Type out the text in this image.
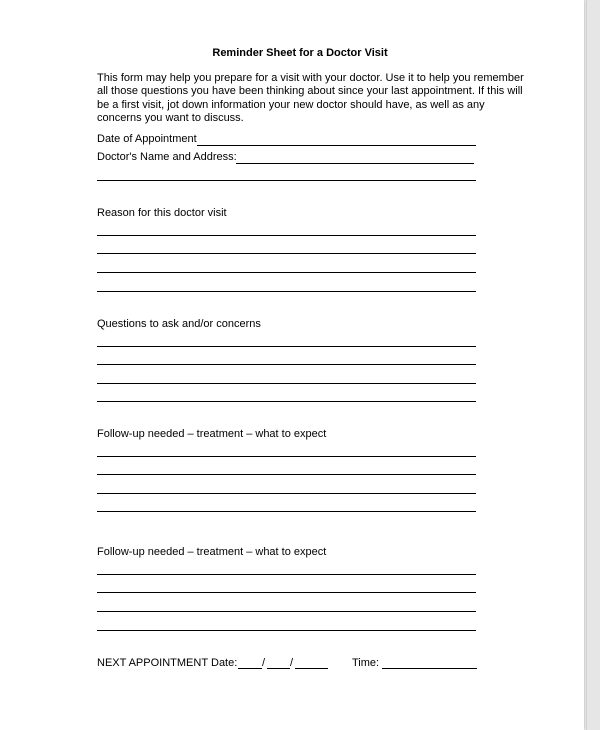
Reminder Sheet for a Doctor Visit
This form may help you prepare for a visit with your doctor. Use it to help you remember
all those questions you have been thinking about since your last appointment. If this will
be a first visit, jot down information your new doctor should have, as well as any
concerns you want to discuss.
Date of Appointment
Doctor's Name and Address:
Reason for this doctor visit
Questions to ask and/or concerns
Follow-up needed – treatment – what to expect
Follow-up needed – treatment – what to expect
NEXT APPOINTMENT Date: / /	Time:
